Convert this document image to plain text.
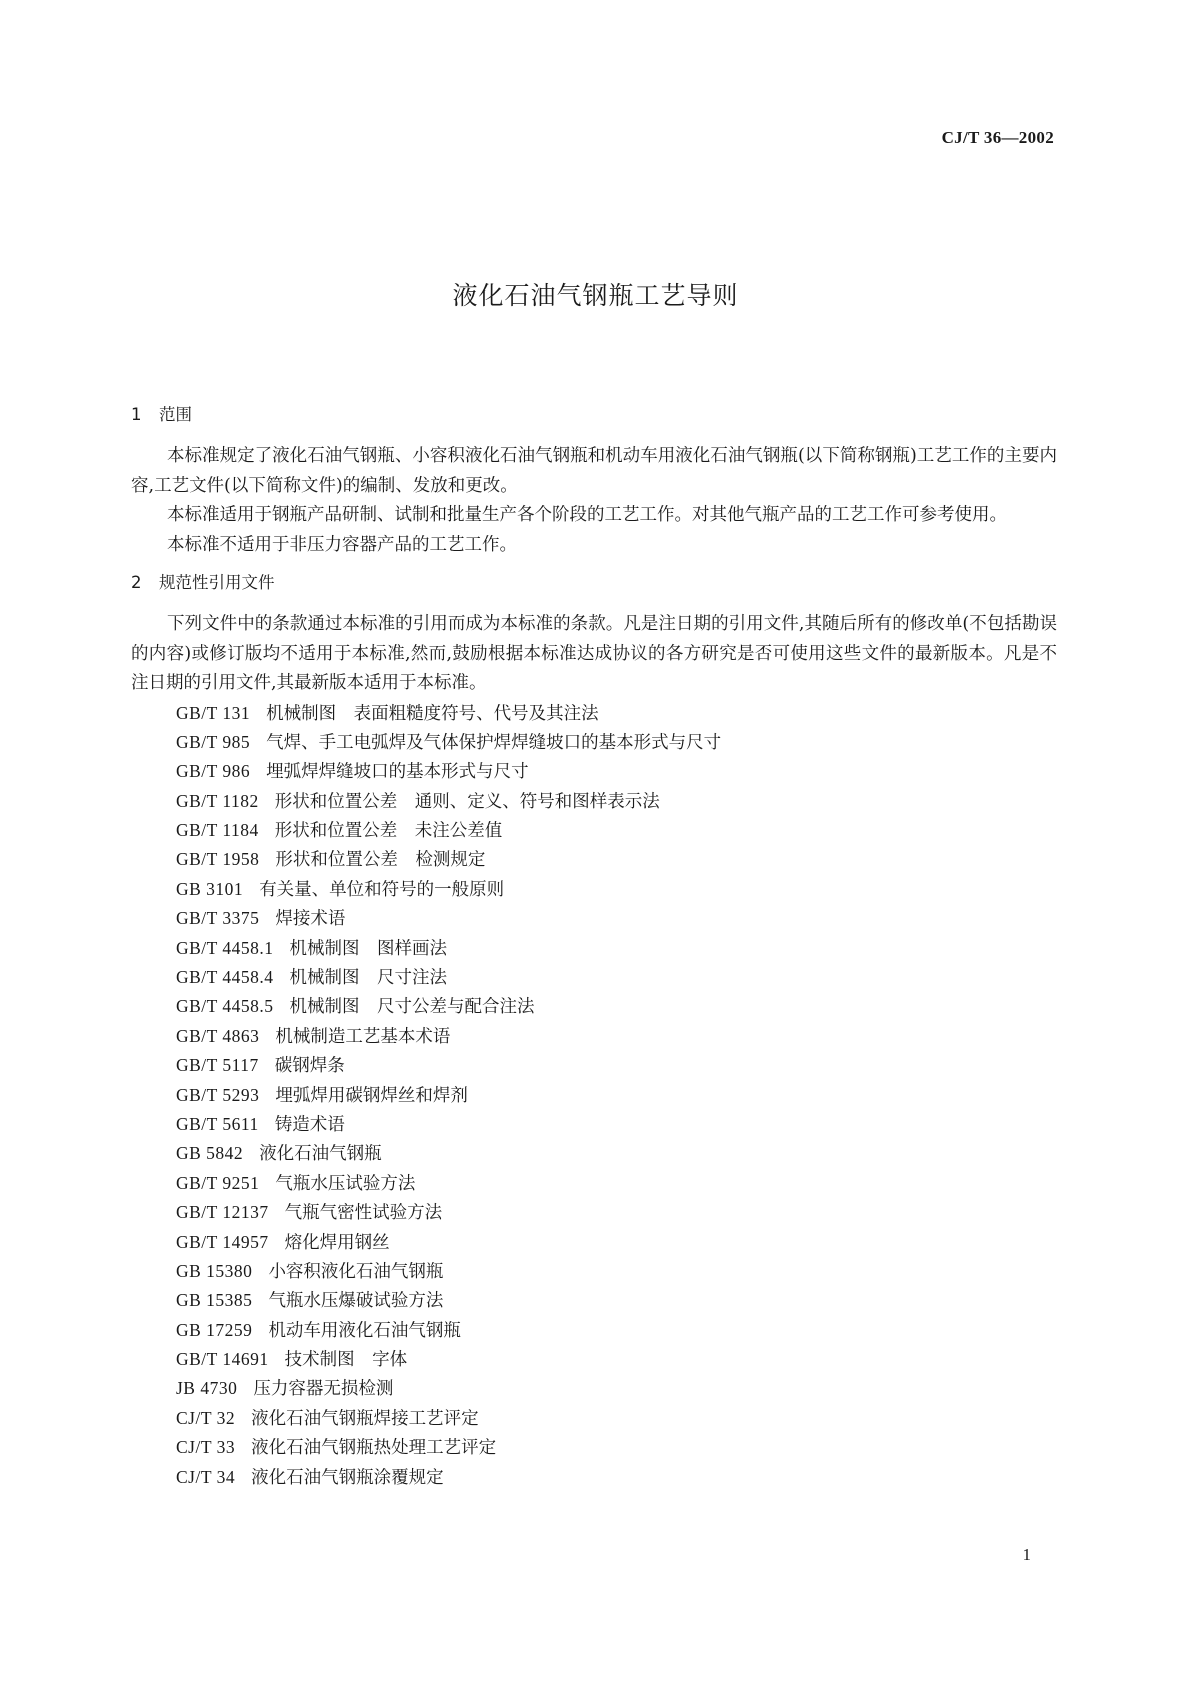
CJ/T 36—2002
液化石油气钢瓶工艺导则
1 范围

本标准规定了液化石油气钢瓶、小容积液化石油气钢瓶和机动车用液化石油气钢瓶(以下简称钢瓶)工艺工作的主要内容,工艺文件(以下简称文件)的编制、发放和更改。

本标准适用于钢瓶产品研制、试制和批量生产各个阶段的工艺工作。对其他气瓶产品的工艺工作可参考使用。

本标准不适用于非压力容器产品的工艺工作。

2 规范性引用文件

下列文件中的条款通过本标准的引用而成为本标准的条款。凡是注日期的引用文件,其随后所有的修改单(不包括勘误的内容)或修订版均不适用于本标准,然而,鼓励根据本标准达成协议的各方研究是否可使用这些文件的最新版本。凡是不注日期的引用文件,其最新版本适用于本标准。

GB/T 131 机械制图　表面粗糙度符号、代号及其注法
GB/T 985 气焊、手工电弧焊及气体保护焊焊缝坡口的基本形式与尺寸
GB/T 986 埋弧焊焊缝坡口的基本形式与尺寸
GB/T 1182 形状和位置公差　通则、定义、符号和图样表示法
GB/T 1184 形状和位置公差　未注公差值
GB/T 1958 形状和位置公差　检测规定
GB 3101 有关量、单位和符号的一般原则
GB/T 3375 焊接术语
GB/T 4458.1 机械制图　图样画法
GB/T 4458.4 机械制图　尺寸注法
GB/T 4458.5 机械制图　尺寸公差与配合注法
GB/T 4863 机械制造工艺基本术语
GB/T 5117 碳钢焊条
GB/T 5293 埋弧焊用碳钢焊丝和焊剂
GB/T 5611 铸造术语
GB 5842 液化石油气钢瓶
GB/T 9251 气瓶水压试验方法
GB/T 12137 气瓶气密性试验方法
GB/T 14957 熔化焊用钢丝
GB 15380 小容积液化石油气钢瓶
GB 15385 气瓶水压爆破试验方法
GB 17259 机动车用液化石油气钢瓶
GB/T 14691 技术制图　字体
JB 4730 压力容器无损检测
CJ/T 32 液化石油气钢瓶焊接工艺评定
CJ/T 33 液化石油气钢瓶热处理工艺评定
CJ/T 34 液化石油气钢瓶涂覆规定
1
